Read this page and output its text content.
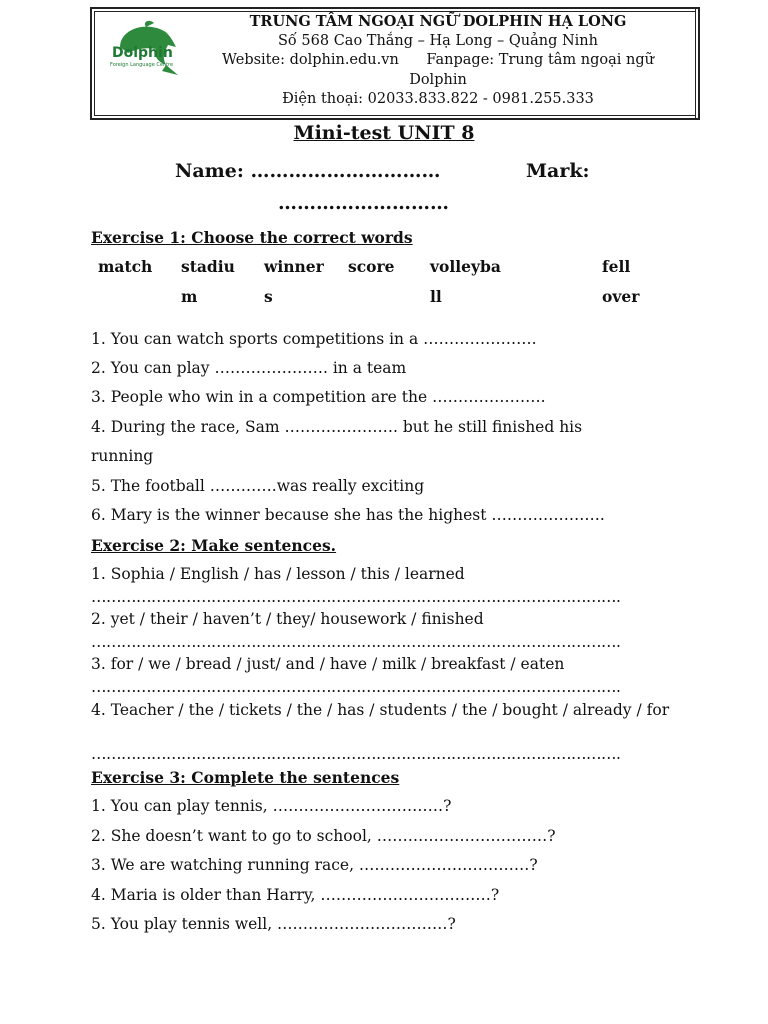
Dolphin
Foreign Language Centre
TRUNG TÂM NGOẠI NGỮ DOLPHIN HẠ LONG
Số 568 Cao Thắng – Hạ Long – Quảng Ninh
Website: dolphin.edu.vn      Fanpage: Trung tâm ngoại ngữ
Dolphin
Điện thoại: 02033.833.822 - 0981.255.333
Mini-test UNIT 8
Name: …………………………	Mark:
………………………
Exercise 1: Choose the correct words
match stadiu
m
winner
s
score volleyba
ll
fell
over
1. You can watch sports competitions in a ………………….
2. You can play …………………. in a team
3. People who win in a competition are the ………………….
4. During the race, Sam …………………. but he still finished his
running
5. The football ………….was really exciting
6. Mary is the winner because she has the highest ………………….
Exercise 2: Make sentences.
1. Sophia / English / has / lesson / this / learned
…………………………………………………………………………………………….
2. yet / their / haven’t / they/ housework / finished
…………………………………………………………………………………………….
3. for / we / bread / just/ and / have / milk / breakfast / eaten
…………………………………………………………………………………………….
4. Teacher / the / tickets / the / has / students / the / bought / already / for
…………………………………………………………………………………………….
Exercise 3: Complete the sentences
1. You can play tennis, ……………………………?
2. She doesn’t want to go to school, ……………………………?
3. We are watching running race, ……………………………?
4. Maria is older than Harry, ……………………………?
5. You play tennis well, ……………………………?
